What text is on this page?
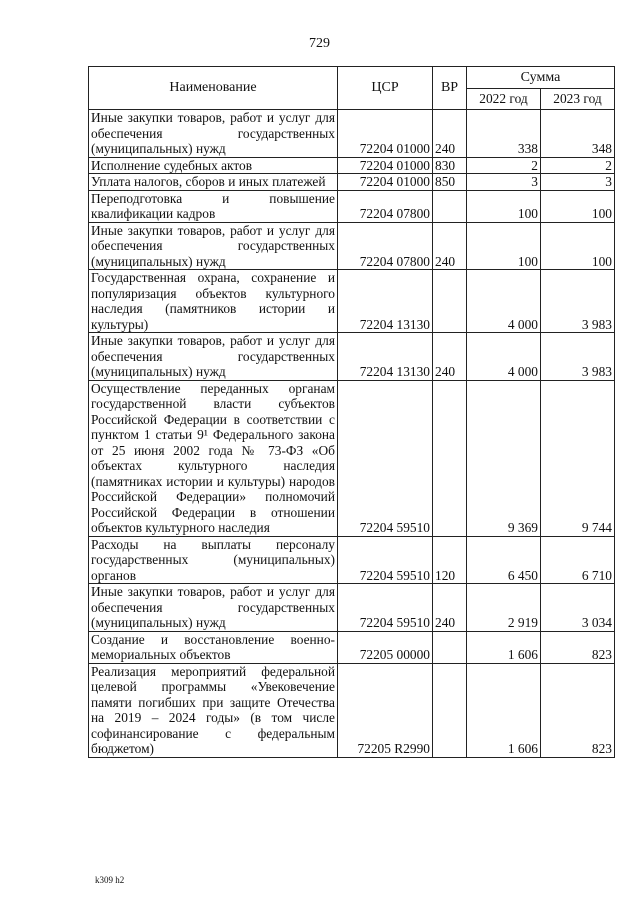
729
Наименование	ЦСР	ВР	Сумма	
			2022 год	2023 год
Иные закупки товаров, работ и услуг для обеспечения государственных (муниципальных) нужд	72204 01000	240	338	348
Исполнение судебных актов	72204 01000	830	2	2
Уплата налогов, сборов и иных платежей	72204 01000	850	3	3
Переподготовка и повышение квалификации кадров	72204 07800		100	100
Иные закупки товаров, работ и услуг для обеспечения государственных (муниципальных) нужд	72204 07800	240	100	100
Государственная охрана, сохранение и популяризация объектов культурного наследия (памятников истории и культуры)	72204 13130		4 000	3 983
Иные закупки товаров, работ и услуг для обеспечения государственных (муниципальных) нужд	72204 13130	240	4 000	3 983
Осуществление переданных органам государственной власти субъектов Российской Федерации в соответствии с пунктом 1 статьи 9¹ Федерального закона от 25 июня 2002 года № 73-ФЗ «Об объектах культурного наследия (памятниках истории и культуры) народов Российской Федерации» полномочий Российской Федерации в отношении объектов культурного наследия	72204 59510		9 369	9 744
Расходы на выплаты персоналу государственных (муниципальных) органов	72204 59510	120	6 450	6 710
Иные закупки товаров, работ и услуг для обеспечения государственных (муниципальных) нужд	72204 59510	240	2 919	3 034
Создание и восстановление военно-мемориальных объектов	72205 00000		1 606	823
Реализация мероприятий федеральной целевой программы «Увековечение памяти погибших при защите Отечества на 2019 – 2024 годы» (в том числе софинансирование с федеральным бюджетом)	72205 R2990		1 606	823
k309 h2
